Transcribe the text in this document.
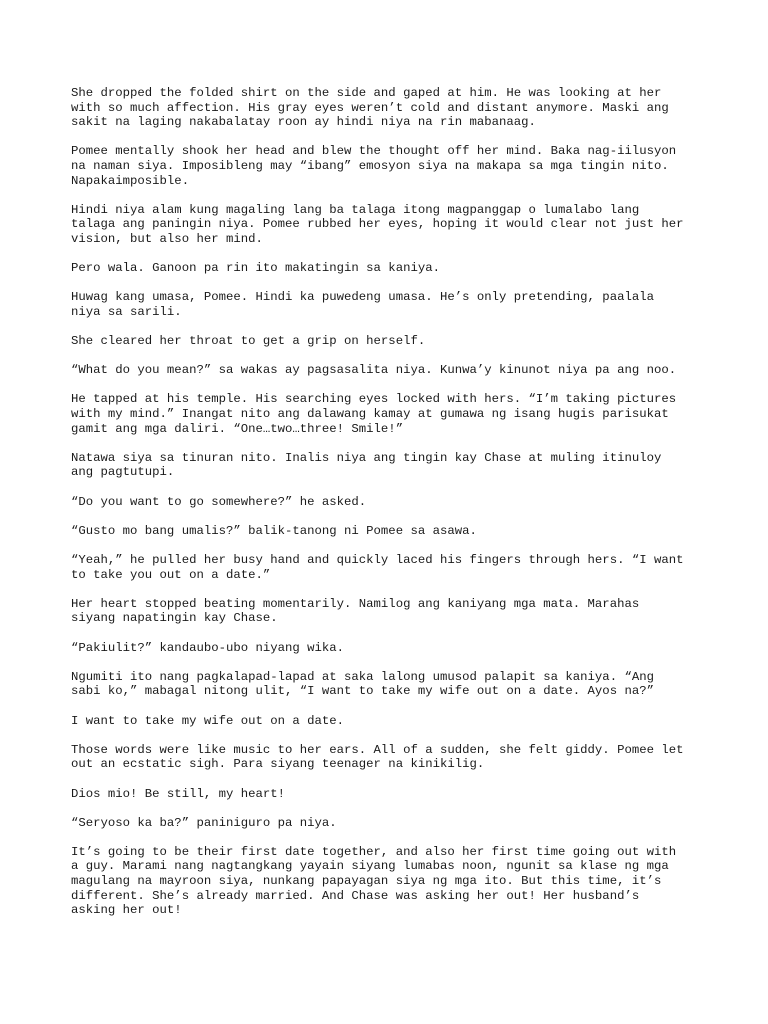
She dropped the folded shirt on the side and gaped at him. He was looking at her
with so much affection. His gray eyes weren’t cold and distant anymore. Maski ang
sakit na laging nakabalatay roon ay hindi niya na rin mabanaag.
Pomee mentally shook her head and blew the thought off her mind. Baka nag-iilusyon
na naman siya. Imposibleng may “ibang” emosyon siya na makapa sa mga tingin nito.
Napakaimposible.
Hindi niya alam kung magaling lang ba talaga itong magpanggap o lumalabo lang
talaga ang paningin niya. Pomee rubbed her eyes, hoping it would clear not just her
vision, but also her mind.
Pero wala. Ganoon pa rin ito makatingin sa kaniya.
Huwag kang umasa, Pomee. Hindi ka puwedeng umasa. He’s only pretending, paalala
niya sa sarili.
She cleared her throat to get a grip on herself.
“What do you mean?” sa wakas ay pagsasalita niya. Kunwa’y kinunot niya pa ang noo.
He tapped at his temple. His searching eyes locked with hers. “I’m taking pictures
with my mind.” Inangat nito ang dalawang kamay at gumawa ng isang hugis parisukat
gamit ang mga daliri. “One…two…three! Smile!”
Natawa siya sa tinuran nito. Inalis niya ang tingin kay Chase at muling itinuloy
ang pagtutupi.
“Do you want to go somewhere?” he asked.
“Gusto mo bang umalis?” balik-tanong ni Pomee sa asawa.
“Yeah,” he pulled her busy hand and quickly laced his fingers through hers. “I want
to take you out on a date.”
Her heart stopped beating momentarily. Namilog ang kaniyang mga mata. Marahas
siyang napatingin kay Chase.
“Pakiulit?” kandaubo-ubo niyang wika.
Ngumiti ito nang pagkalapad-lapad at saka lalong umusod palapit sa kaniya. “Ang
sabi ko,” mabagal nitong ulit, “I want to take my wife out on a date. Ayos na?”
I want to take my wife out on a date.
Those words were like music to her ears. All of a sudden, she felt giddy. Pomee let
out an ecstatic sigh. Para siyang teenager na kinikilig.
Dios mio! Be still, my heart!
“Seryoso ka ba?” paniniguro pa niya.
It’s going to be their first date together, and also her first time going out with
a guy. Marami nang nagtangkang yayain siyang lumabas noon, ngunit sa klase ng mga
magulang na mayroon siya, nunkang papayagan siya ng mga ito. But this time, it’s
different. She’s already married. And Chase was asking her out! Her husband’s
asking her out!
